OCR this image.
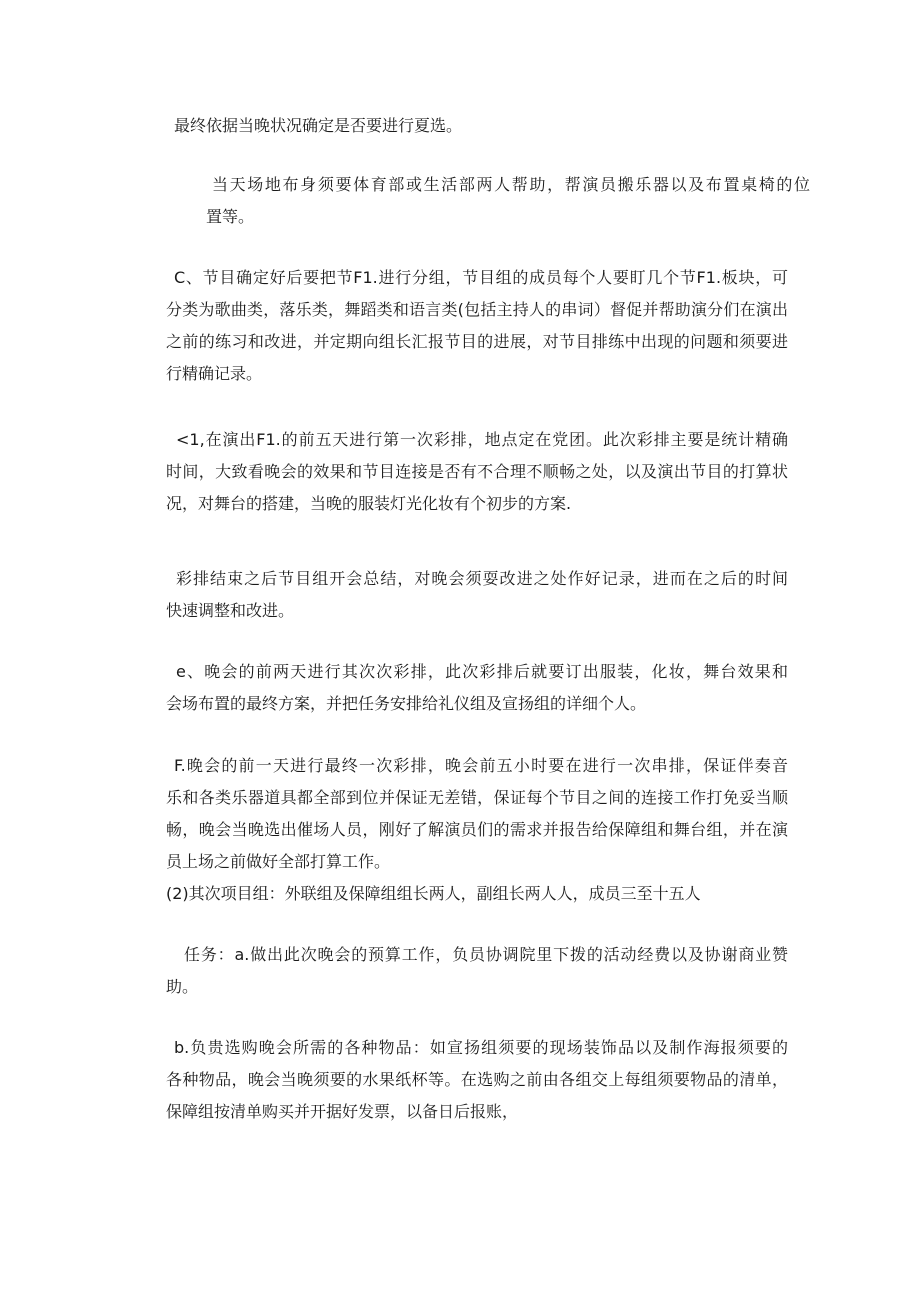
最终依据当晚状况确定是否要进行夏选。
当天场地布身须要体育部或生活部两人帮助，帮演员搬乐器以及布置桌椅的位
置等。
C、节目确定好后要把节F1.进行分组，节目组的成员每个人要盯几个节F1.板块，可
分类为歌曲类，落乐类，舞蹈类和语言类(包括主持人的串词）督促并帮助演分们在演出
之前的练习和改进，并定期向组长汇报节目的进展，对节目排练中出现的问题和须要进
行精确记录。
<1,在演出F1.的前五天进行第一次彩排，地点定在党团。此次彩排主要是统计精确
时间，大致看晚会的效果和节目连接是否有不合理不顺畅之处，以及演出节目的打算状
况，对舞台的搭建，当晚的服装灯光化妆有个初步的方案.
彩排结束之后节目组开会总结，对晚会须耍改进之处作好记录，进而在之后的时间
快速调整和改进。
e、晚会的前两天进行其次次彩排，此次彩排后就要订出服装，化妆，舞台效果和
会场布置的最终方案，并把任务安排给礼仪组及宣扬组的详细个人。
F.晚会的前一天进行最终一次彩排，晚会前五小时要在进行一次串排，保证伴奏音
乐和各类乐器道具都全部到位并保证无差错，保证每个节目之间的连接工作打免妥当顺
畅，晚会当晚选出催场人员，刚好了解演员们的需求并报告给保障组和舞台组，并在演
员上场之前做好全部打算工作。
(2)其次项目组：外联组及保障组组长两人，副组长两人人，成员三至十五人
任务：a.做出此次晚会的预算工作，负员协调院里下拨的活动经费以及协谢商业赞
助。
b.负贵选购晚会所需的各种物品：如宣扬组须要的现场装饰品以及制作海报须要的
各种物品，晚会当晚须要的水果纸杯等。在选购之前由各组交上每组须要物品的清单，
保障组按清单购买并开据好发票，以备日后报账，
